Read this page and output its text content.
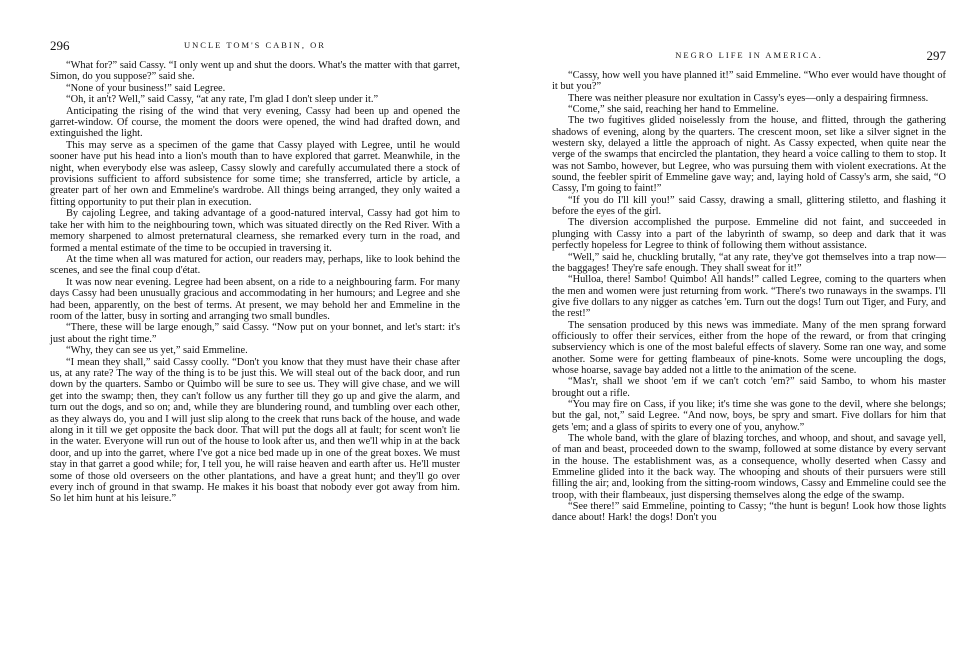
296	UNCLE TOM'S CABIN, OR

“What for?” said Cassy. “I only went up and shut the doors. What's the matter with that garret, Simon, do you suppose?” said she.

“None of your business!” said Legree.

“Oh, it an't? Well,” said Cassy, “at any rate, I'm glad I don't sleep under it.”

Anticipating the rising of the wind that very evening, Cassy had been up and opened the garret-window. Of course, the moment the doors were opened, the wind had drafted down, and extinguished the light.

This may serve as a specimen of the game that Cassy played with Legree, until he would sooner have put his head into a lion's mouth than to have explored that garret. Meanwhile, in the night, when everybody else was asleep, Cassy slowly and carefully accumulated there a stock of provisions sufficient to afford subsistence for some time; she transferred, article by article, a greater part of her own and Emmeline's wardrobe. All things being arranged, they only waited a fitting opportunity to put their plan in execution.

By cajoling Legree, and taking advantage of a good-natured interval, Cassy had got him to take her with him to the neighbouring town, which was situated directly on the Red River. With a memory sharpened to almost preternatural clearness, she remarked every turn in the road, and formed a mental estimate of the time to be occupied in traversing it.

At the time when all was matured for action, our readers may, perhaps, like to look behind the scenes, and see the final coup d'état.

It was now near evening. Legree had been absent, on a ride to a neighbouring farm. For many days Cassy had been unusually gracious and accommodating in her humours; and Legree and she had been, apparently, on the best of terms. At present, we may behold her and Emmeline in the room of the latter, busy in sorting and arranging two small bundles.

“There, these will be large enough,” said Cassy. “Now put on your bonnet, and let's start: it's just about the right time.”

“Why, they can see us yet,” said Emmeline.

“I mean they shall,” said Cassy coolly. “Don't you know that they must have their chase after us, at any rate? The way of the thing is to be just this. We will steal out of the back door, and run down by the quarters. Sambo or Quimbo will be sure to see us. They will give chase, and we will get into the swamp; then, they can't follow us any further till they go up and give the alarm, and turn out the dogs, and so on; and, while they are blundering round, and tumbling over each other, as they always do, you and I will just slip along to the creek that runs back of the house, and wade along in it till we get opposite the back door. That will put the dogs all at fault; for scent won't lie in the water. Everyone will run out of the house to look after us, and then we'll whip in at the back door, and up into the garret, where I've got a nice bed made up in one of the great boxes. We must stay in that garret a good while; for, I tell you, he will raise heaven and earth after us. He'll muster some of those old overseers on the other plantations, and have a great hunt; and they'll go over every inch of ground in that swamp. He makes it his boast that nobody ever got away from him. So let him hunt at his leisure.”

NEGRO LIFE IN AMERICA.	297

“Cassy, how well you have planned it!” said Emmeline. “Who ever would have thought of it but you?”

There was neither pleasure nor exultation in Cassy's eyes—only a despairing firmness.

“Come,” she said, reaching her hand to Emmeline.

The two fugitives glided noiselessly from the house, and flitted, through the gathering shadows of evening, along by the quarters. The crescent moon, set like a silver signet in the western sky, delayed a little the approach of night. As Cassy expected, when quite near the verge of the swamps that encircled the plantation, they heard a voice calling to them to stop. It was not Sambo, however, but Legree, who was pursuing them with violent execrations. At the sound, the feebler spirit of Emmeline gave way; and, laying hold of Cassy's arm, she said, “O Cassy, I'm going to faint!”

“If you do I'll kill you!” said Cassy, drawing a small, glittering stiletto, and flashing it before the eyes of the girl.

The diversion accomplished the purpose. Emmeline did not faint, and succeeded in plunging with Cassy into a part of the labyrinth of swamp, so deep and dark that it was perfectly hopeless for Legree to think of following them without assistance.

“Well,” said he, chuckling brutally, “at any rate, they've got themselves into a trap now—the baggages! They're safe enough. They shall sweat for it!”

“Hulloa, there! Sambo! Quimbo! All hands!” called Legree, coming to the quarters when the men and women were just returning from work. “There's two runaways in the swamps. I'll give five dollars to any nigger as catches 'em. Turn out the dogs! Turn out Tiger, and Fury, and the rest!”

The sensation produced by this news was immediate. Many of the men sprang forward officiously to offer their services, either from the hope of the reward, or from that cringing subserviency which is one of the most baleful effects of slavery. Some ran one way, and some another. Some were for getting flambeaux of pine-knots. Some were uncoupling the dogs, whose hoarse, savage bay added not a little to the animation of the scene.

“Mas'r, shall we shoot 'em if we can't cotch 'em?” said Sambo, to whom his master brought out a rifle.

“You may fire on Cass, if you like; it's time she was gone to the devil, where she belongs; but the gal, not,” said Legree. “And now, boys, be spry and smart. Five dollars for him that gets 'em; and a glass of spirits to every one of you, anyhow.”

The whole band, with the glare of blazing torches, and whoop, and shout, and savage yell, of man and beast, proceeded down to the swamp, followed at some distance by every servant in the house. The establishment was, as a consequence, wholly deserted when Cassy and Emmeline glided into it the back way. The whooping and shouts of their pursuers were still filling the air; and, looking from the sitting-room windows, Cassy and Emmeline could see the troop, with their flambeaux, just dispersing themselves along the edge of the swamp.

“See there!” said Emmeline, pointing to Cassy; “the hunt is begun! Look how those lights dance about! Hark! the dogs! Don't you
